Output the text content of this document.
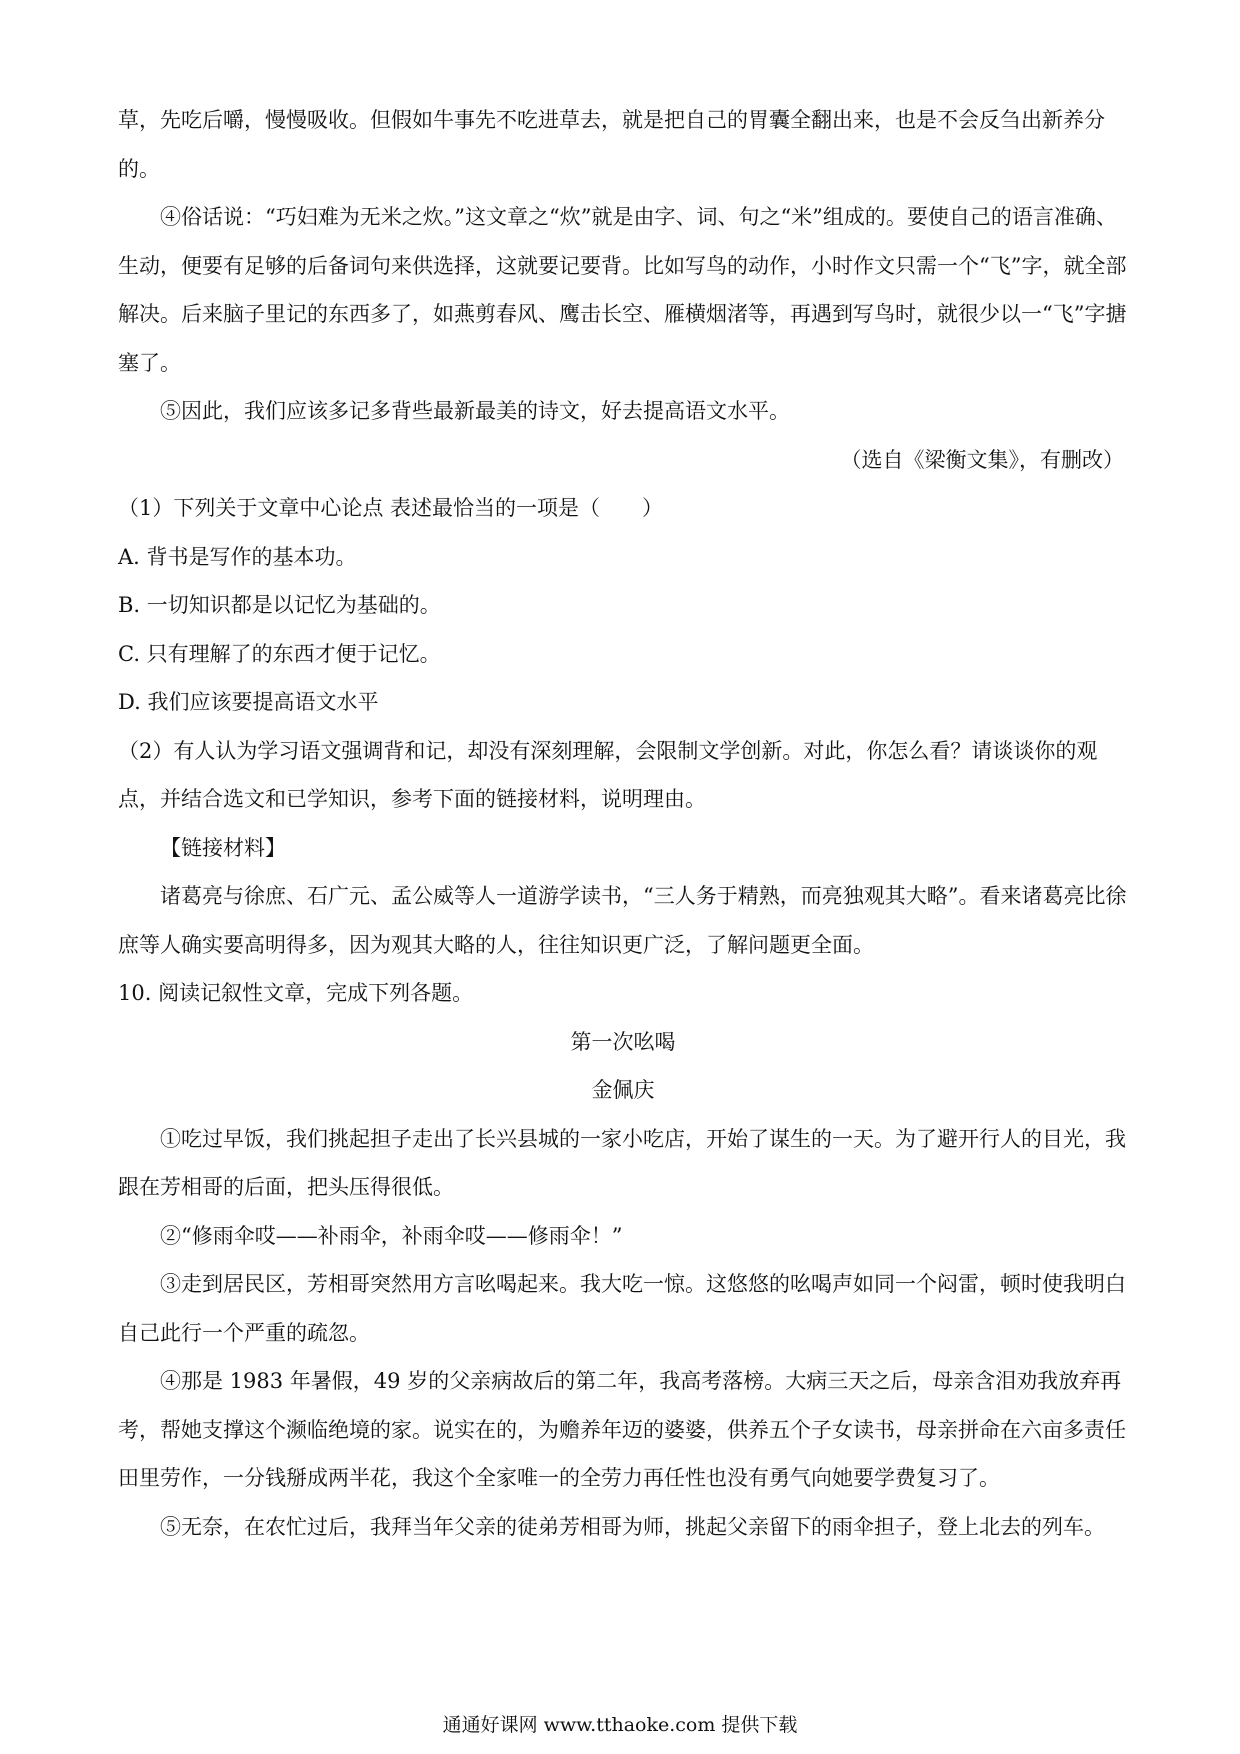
草，先吃后嚼，慢慢吸收。但假如牛事先不吃进草去，就是把自己的胃囊全翻出来，也是不会反刍出新养分的。

④俗话说：“巧妇难为无米之炊。”这文章之“炊”就是由字、词、句之“米”组成的。要使自己的语言准确、生动，便要有足够的后备词句来供选择，这就要记要背。比如写鸟的动作，小时作文只需一个“飞”字，就全部解决。后来脑子里记的东西多了，如燕剪春风、鹰击长空、雁横烟渚等，再遇到写鸟时，就很少以一“飞”字搪塞了。

⑤因此，我们应该多记多背些最新最美的诗文，好去提高语文水平。

（选自《梁衡文集》，有删改）

（1）下列关于文章中心论点 表述最恰当的一项是（　　）

A. 背书是写作的基本功。

B. 一切知识都是以记忆为基础的。

C. 只有理解了的东西才便于记忆。

D. 我们应该要提高语文水平

（2）有人认为学习语文强调背和记，却没有深刻理解，会限制文学创新。对此，你怎么看？请谈谈你的观点，并结合选文和已学知识，参考下面的链接材料，说明理由。

【链接材料】

诸葛亮与徐庶、石广元、孟公威等人一道游学读书，“三人务于精熟，而亮独观其大略”。看来诸葛亮比徐庶等人确实要高明得多，因为观其大略的人，往往知识更广泛，了解问题更全面。

10. 阅读记叙性文章，完成下列各题。

第一次吆喝

金佩庆

①吃过早饭，我们挑起担子走出了长兴县城的一家小吃店，开始了谋生的一天。为了避开行人的目光，我跟在芳相哥的后面，把头压得很低。

②“修雨伞哎——补雨伞，补雨伞哎——修雨伞！”

③走到居民区，芳相哥突然用方言吆喝起来。我大吃一惊。这悠悠的吆喝声如同一个闷雷，顿时使我明白自己此行一个严重的疏忽。

④那是 1983 年暑假，49 岁的父亲病故后的第二年，我高考落榜。大病三天之后，母亲含泪劝我放弃再考，帮她支撑这个濒临绝境的家。说实在的，为赡养年迈的婆婆，供养五个子女读书，母亲拼命在六亩多责任田里劳作，一分钱掰成两半花，我这个全家唯一的全劳力再任性也没有勇气向她要学费复习了。

⑤无奈，在农忙过后，我拜当年父亲的徒弟芳相哥为师，挑起父亲留下的雨伞担子，登上北去的列车。

通通好课网 www.tthaoke.com 提供下载
